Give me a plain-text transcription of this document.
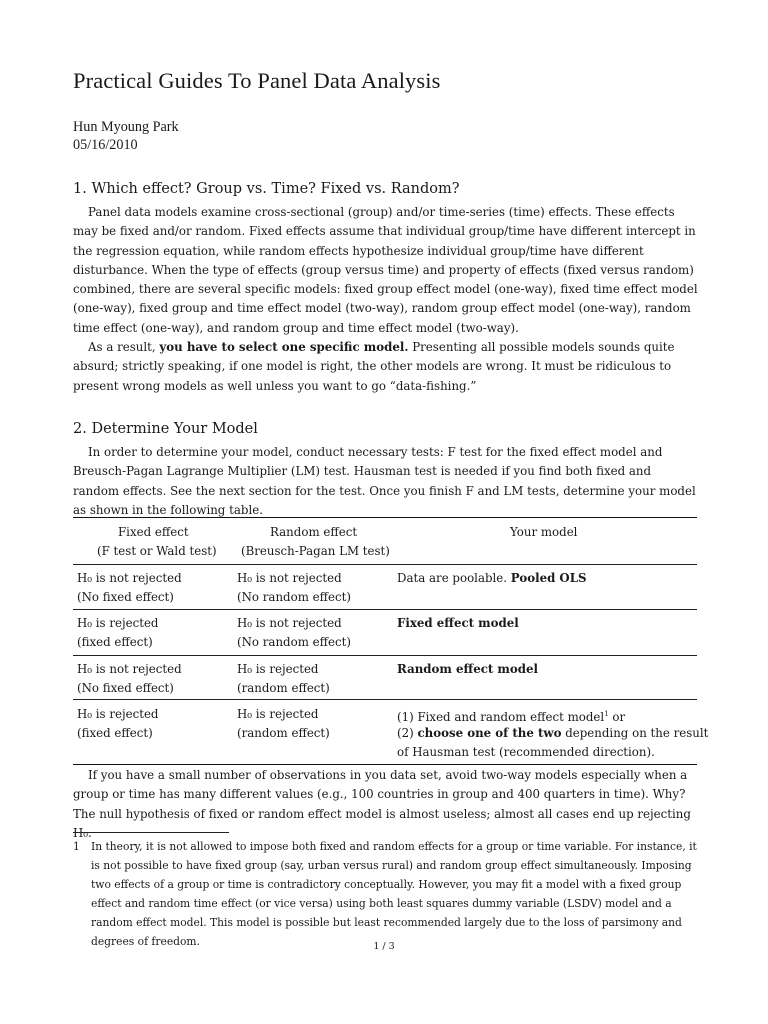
Practical Guides To Panel Data Analysis
Hun Myoung Park
05/16/2010
1. Which effect? Group vs. Time? Fixed vs. Random?

Panel data models examine cross-sectional (group) and/or time-series (time) effects. These effects may be fixed and/or random. Fixed effects assume that individual group/time have different intercept in the regression equation, while random effects hypothesize individual group/time have different disturbance. When the type of effects (group versus time) and property of effects (fixed versus random) combined, there are several specific models: fixed group effect model (one-way), fixed time effect model (one-way), fixed group and time effect model (two-way), random group effect model (one-way), random time effect (one-way), and random group and time effect model (two-way).

As a result, you have to select one specific model. Presenting all possible models sounds quite absurd; strictly speaking, if one model is right, the other models are wrong. It must be ridiculous to present wrong models as well unless you want to go “data-fishing.”

2. Determine Your Model

In order to determine your model, conduct necessary tests: F test for the fixed effect model and Breusch-Pagan Lagrange Multiplier (LM) test. Hausman test is needed if you find both fixed and random effects. See the next section for the test. Once you finish F and LM tests, determine your model as shown in the following table.

Fixed effect
(F test or Wald test)
Random effect
(Breusch-Pagan LM test)
Your model
H₀ is not rejected
(No fixed effect)
H₀ is not rejected
(No random effect)
Data are poolable. Pooled OLS
H₀ is rejected
(fixed effect)
H₀ is not rejected
(No random effect)
Fixed effect model
H₀ is not rejected
(No fixed effect)
H₀ is rejected
(random effect)
Random effect model
H₀ is rejected
(fixed effect)
H₀ is rejected
(random effect)
(1) Fixed and random effect model$^1$ or
(2) choose one of the two depending on the result
of Hausman test (recommended direction).

If you have a small number of observations in you data set, avoid two-way models especially when a group or time has many different values (e.g., 100 countries in group and 400 quarters in time). Why? The null hypothesis of fixed or random effect model is almost useless; almost all cases end up rejecting H₀.

1 In theory, it is not allowed to impose both fixed and random effects for a group or time variable. For instance, it is not possible to have fixed group (say, urban versus rural) and random group effect simultaneously. Imposing two effects of a group or time is contradictory conceptually. However, you may fit a model with a fixed group effect and random time effect (or vice versa) using both least squares dummy variable (LSDV) model and a random effect model. This model is possible but least recommended largely due to the loss of parsimony and degrees of freedom.	1 / 3
